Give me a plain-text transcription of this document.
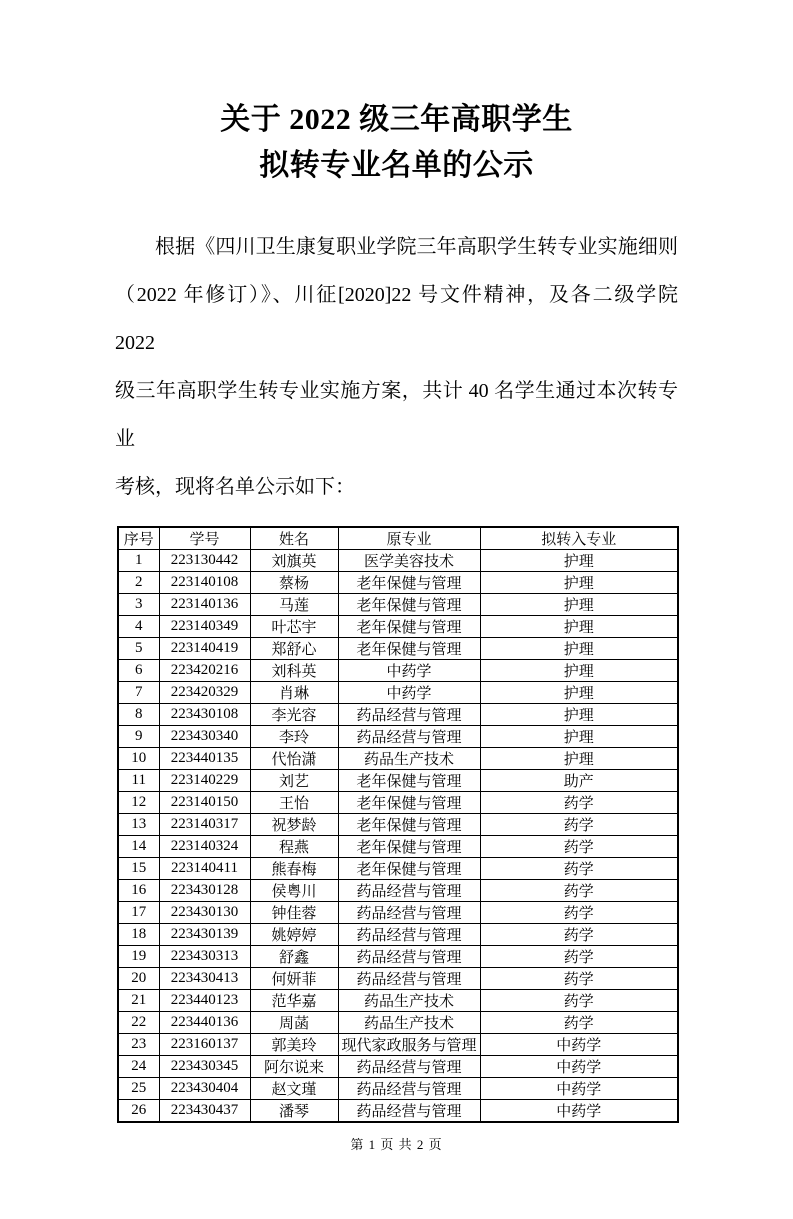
关于 2022 级三年高职学生
拟转专业名单的公示
根据《四川卫生康复职业学院三年高职学生转专业实施细则
（2022 年修订）》、川征[2020]22 号文件精神，及各二级学院 2022
级三年高职学生转专业实施方案，共计 40 名学生通过本次转专业
考核，现将名单公示如下：
序号	学号	姓名	原专业	拟转入专业
1	223130442	刘旗英	医学美容技术	护理
2	223140108	蔡杨	老年保健与管理	护理
3	223140136	马莲	老年保健与管理	护理
4	223140349	叶芯宇	老年保健与管理	护理
5	223140419	郑舒心	老年保健与管理	护理
6	223420216	刘科英	中药学	护理
7	223420329	肖琳	中药学	护理
8	223430108	李光容	药品经营与管理	护理
9	223430340	李玲	药品经营与管理	护理
10	223440135	代怡潇	药品生产技术	护理
11	223140229	刘艺	老年保健与管理	助产
12	223140150	王怡	老年保健与管理	药学
13	223140317	祝梦龄	老年保健与管理	药学
14	223140324	程燕	老年保健与管理	药学
15	223140411	熊春梅	老年保健与管理	药学
16	223430128	侯粤川	药品经营与管理	药学
17	223430130	钟佳蓉	药品经营与管理	药学
18	223430139	姚婷婷	药品经营与管理	药学
19	223430313	舒鑫	药品经营与管理	药学
20	223430413	何妍菲	药品经营与管理	药学
21	223440123	范华嘉	药品生产技术	药学
22	223440136	周菡	药品生产技术	药学
23	223160137	郭美玲	现代家政服务与管理	中药学
24	223430345	阿尔说来	药品经营与管理	中药学
25	223430404	赵文瑾	药品经营与管理	中药学
26	223430437	潘琴	药品经营与管理	中药学
第 1 页 共 2 页
